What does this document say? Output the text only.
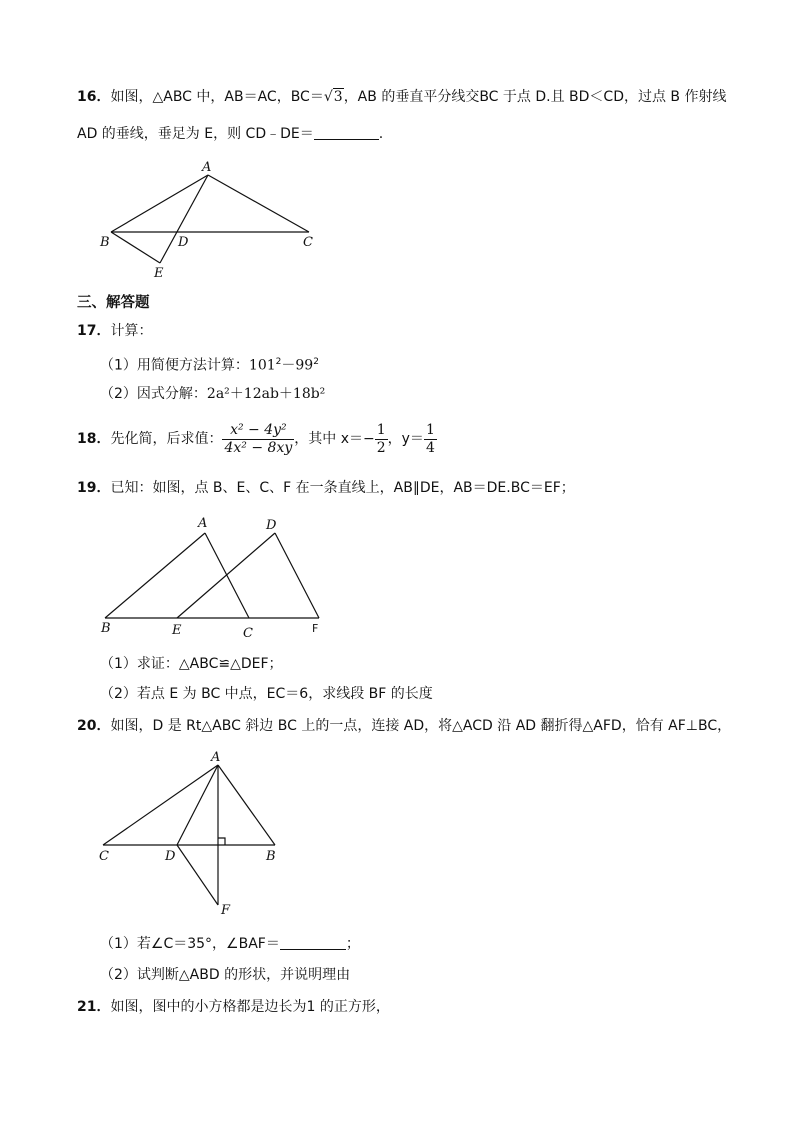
16．如图，△ABC 中，AB＝AC，BC＝√3，AB 的垂直平分线交BC 于点 D.且 BD＜CD，过点 B 作射线
AD 的垂线，垂足为 E，则 CD﹣DE＝	.
A
B	D	C
E
三、解答题
17．计算：
（1）用简便方法计算：$101^2-99^2$
（2）因式分解：2a²＋12ab＋18b²
18．先化简，后求值： $\frac{\text{x² − 4y²}}{\text{4x² − 8xy}}$ ，其中 $x=- \frac{1}{2}$ ，$y= \frac{1}{4}$
19．已知：如图，点 B、E、C、F 在一条直线上，AB∥DE，AB＝DE.BC＝EF；
A	D
B	E	C	F
（1）求证：△ABC≌△DEF；
（2）若点 E 为 BC 中点，EC＝6，求线段 BF 的长度
20．如图，D 是 Rt△ABC 斜边 BC 上的一点，连接 AD，将△ACD 沿 AD 翻折得△AFD，恰有 AF⊥BC，
A
C	D	B
F
（1）若∠C＝35°，∠BAF＝	；
（2）试判断△ABD 的形状，并说明理由
21．如图，图中的小方格都是边长为1 的正方形，
